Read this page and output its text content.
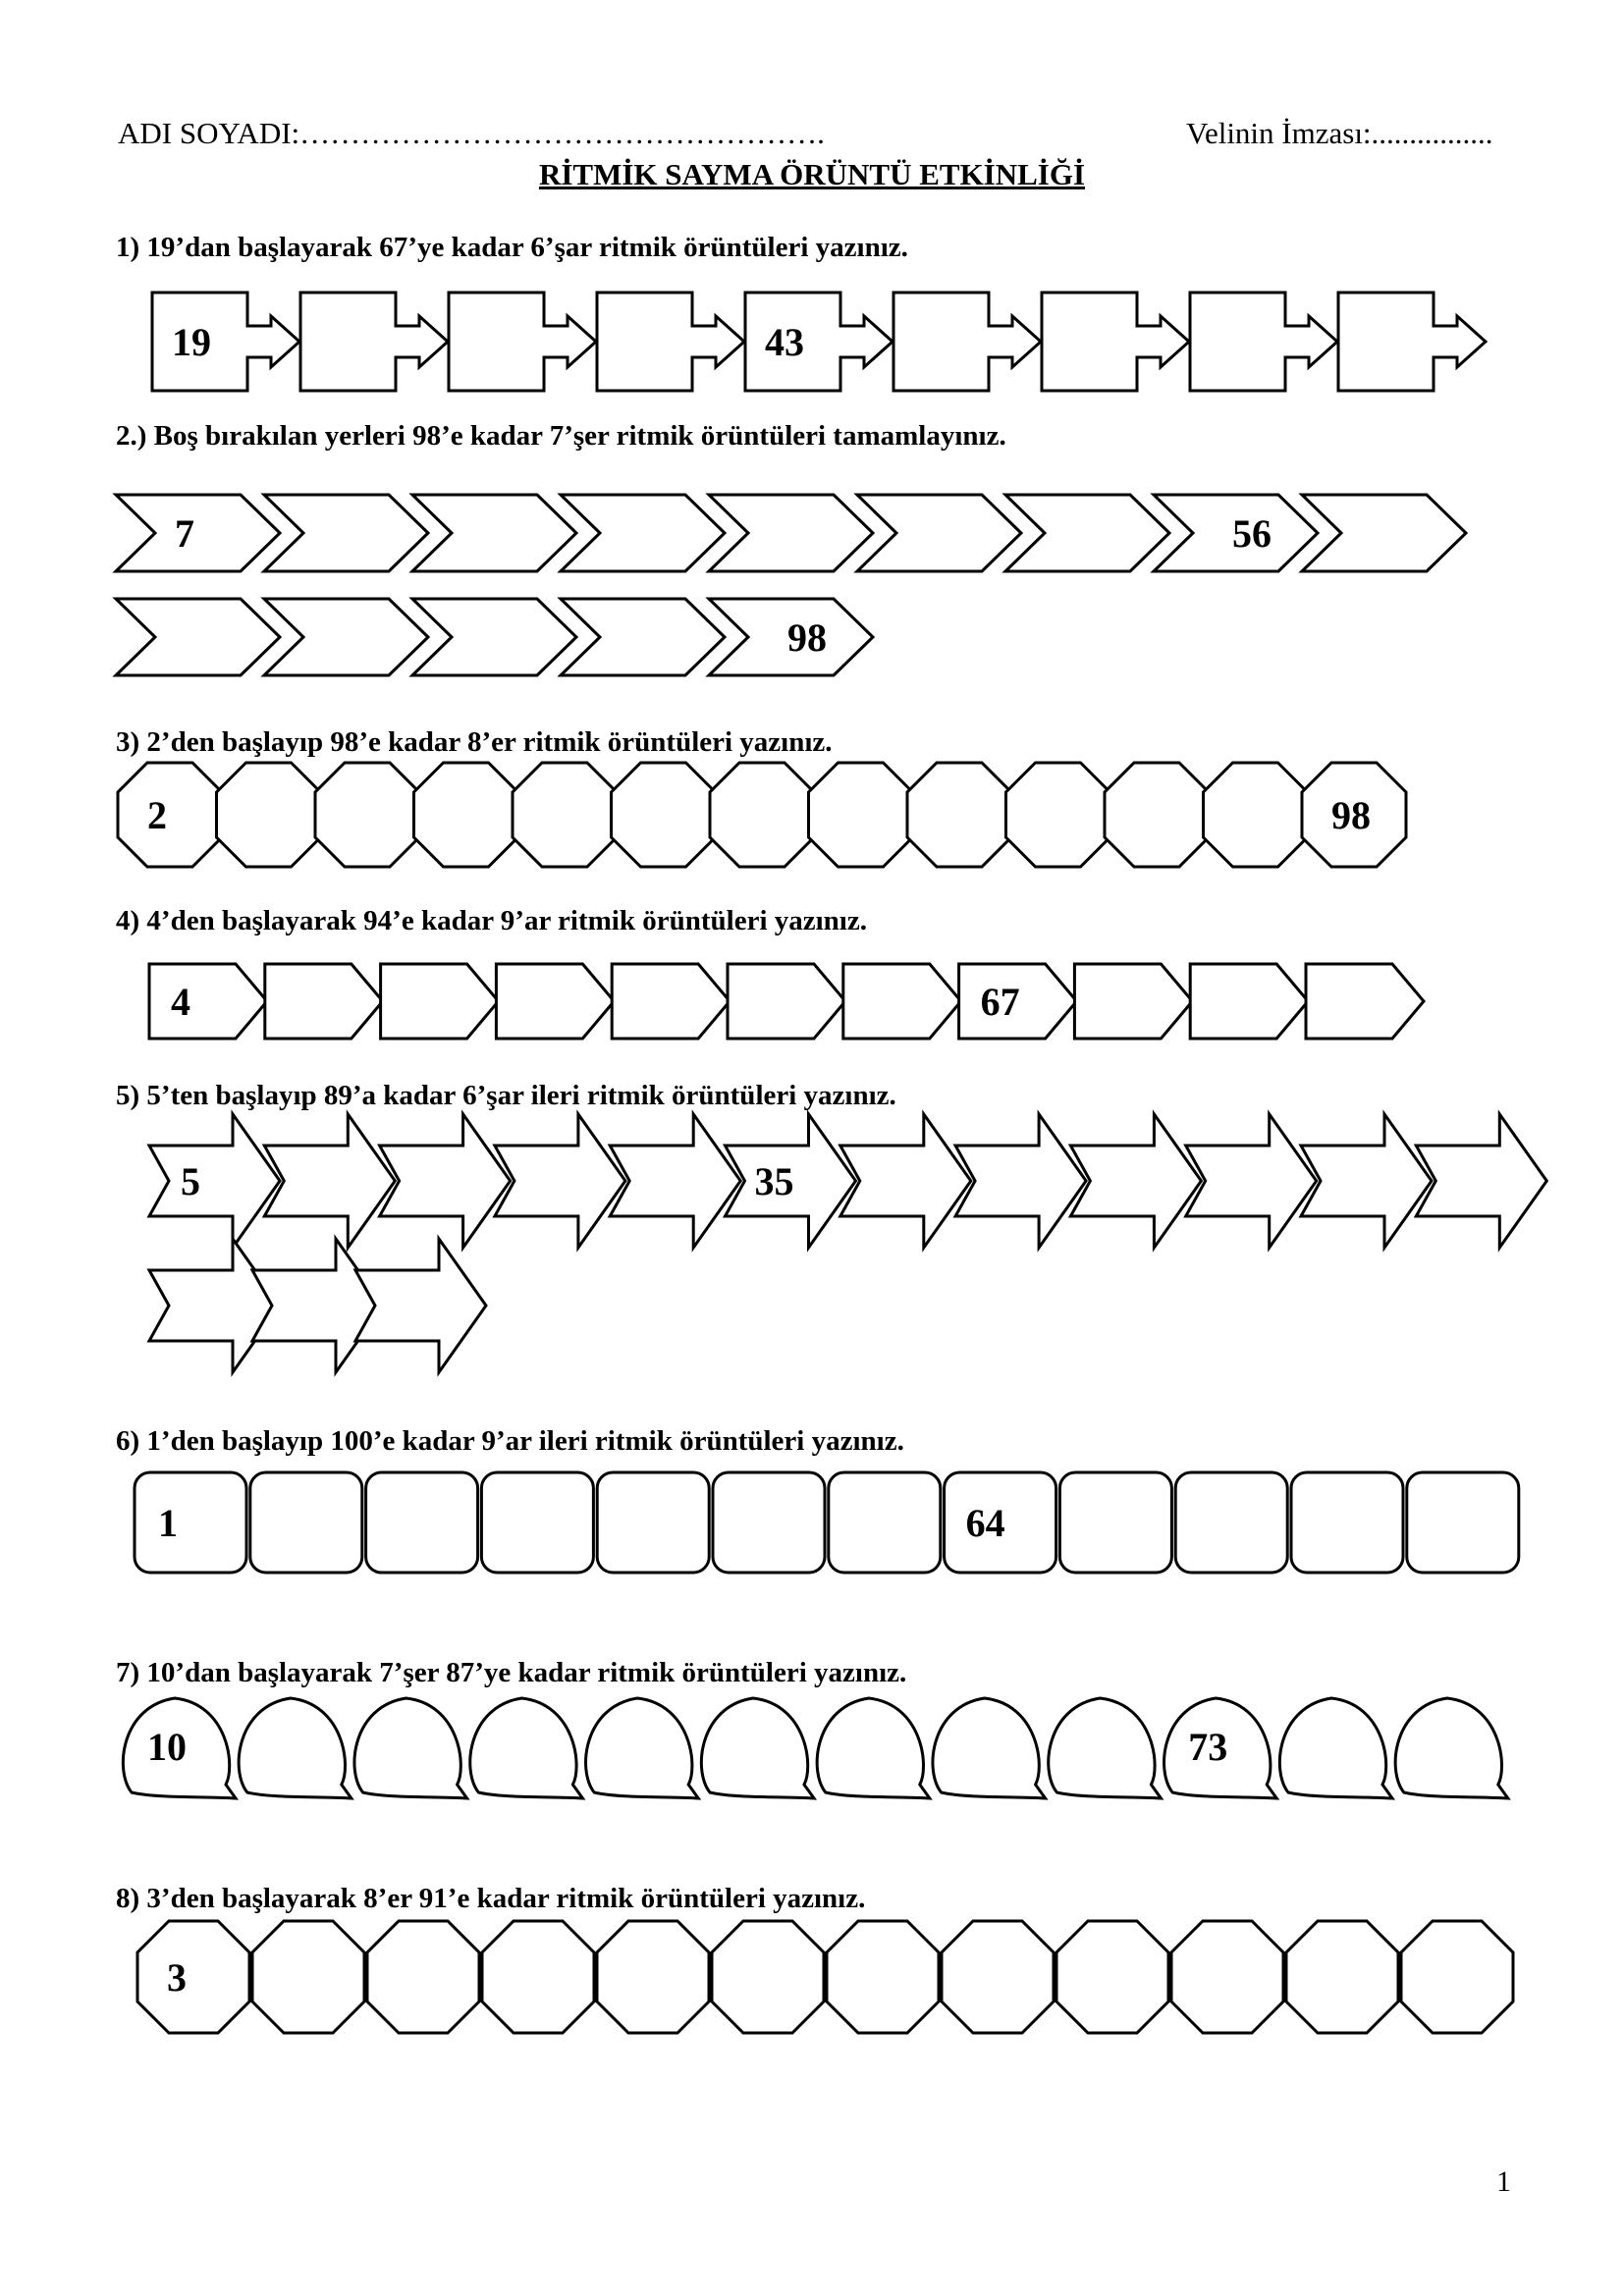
ADI SOYADI:…………………………………………….	Velinin İmzası:................
RİTMİK SAYMA ÖRÜNTÜ ETKİNLİĞİ
1) 19’dan başlayarak 67’ye kadar 6’şar ritmik örüntüleri yazınız.
2.) Boş bırakılan yerleri 98’e kadar 7’şer ritmik örüntüleri tamamlayınız.
3) 2’den başlayıp 98’e kadar 8’er ritmik örüntüleri yazınız.
4) 4’den başlayarak 94’e kadar 9’ar ritmik örüntüleri yazınız.
5) 5’ten başlayıp 89’a kadar 6’şar ileri ritmik örüntüleri yazınız.
6) 1’den başlayıp 100’e kadar 9’ar ileri ritmik örüntüleri yazınız.
7) 10’dan başlayarak 7’şer 87’ye kadar ritmik örüntüleri yazınız.
8) 3’den başlayarak 8’er 91’e kadar ritmik örüntüleri yazınız.
43
19
7	56
98
2	98
3
4	67
5	35
1	64
10	73
1
